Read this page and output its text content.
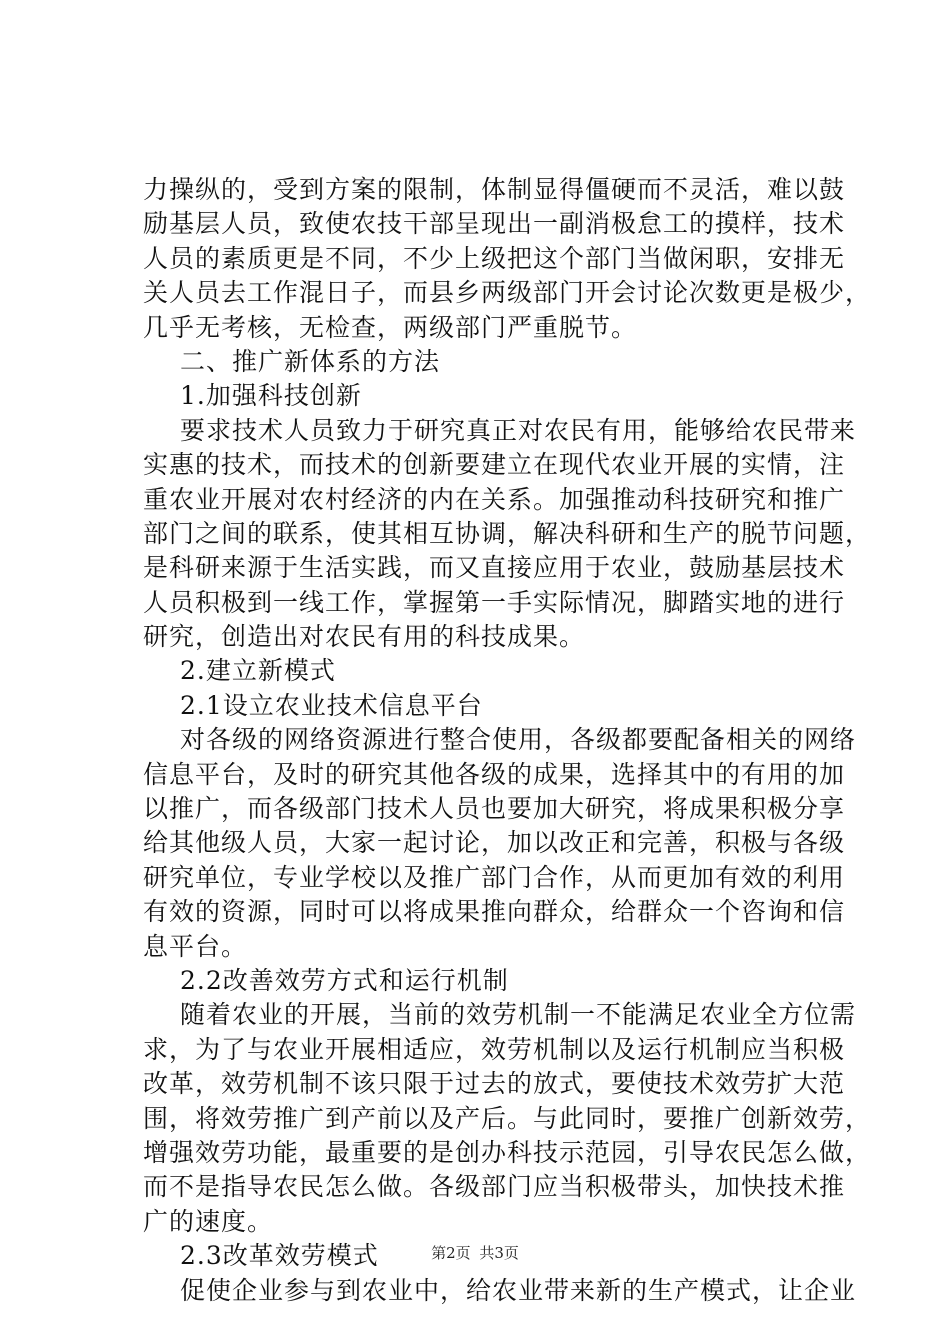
力操纵的，受到方案的限制，体制显得僵硬而不灵活，难以鼓
励基层人员，致使农技干部呈现出一副消极怠工的摸样，技术
人员的素质更是不同，不少上级把这个部门当做闲职，安排无
关人员去工作混日子，而县乡两级部门开会讨论次数更是极少，
几乎无考核，无检查，两级部门严重脱节。
二、推广新体系的方法
1.加强科技创新
要求技术人员致力于研究真正对农民有用，能够给农民带来
实惠的技术，而技术的创新要建立在现代农业开展的实情，注
重农业开展对农村经济的内在关系。加强推动科技研究和推广
部门之间的联系，使其相互协调，解决科研和生产的脱节问题，
是科研来源于生活实践，而又直接应用于农业，鼓励基层技术
人员积极到一线工作，掌握第一手实际情况，脚踏实地的进行
研究，创造出对农民有用的科技成果。
2.建立新模式
2.1设立农业技术信息平台
对各级的网络资源进行整合使用，各级都要配备相关的网络
信息平台，及时的研究其他各级的成果，选择其中的有用的加
以推广，而各级部门技术人员也要加大研究，将成果积极分享
给其他级人员，大家一起讨论，加以改正和完善，积极与各级
研究单位，专业学校以及推广部门合作，从而更加有效的利用
有效的资源，同时可以将成果推向群众，给群众一个咨询和信
息平台。
2.2改善效劳方式和运行机制
随着农业的开展，当前的效劳机制一不能满足农业全方位需
求，为了与农业开展相适应，效劳机制以及运行机制应当积极
改革，效劳机制不该只限于过去的放式，要使技术效劳扩大范
围，将效劳推广到产前以及产后。与此同时，要推广创新效劳，
增强效劳功能，最重要的是创办科技示范园，引导农民怎么做，
而不是指导农民怎么做。各级部门应当积极带头，加快技术推
广的速度。
2.3改革效劳模式
促使企业参与到农业中，给农业带来新的生产模式，让企业
第2页 共3页
